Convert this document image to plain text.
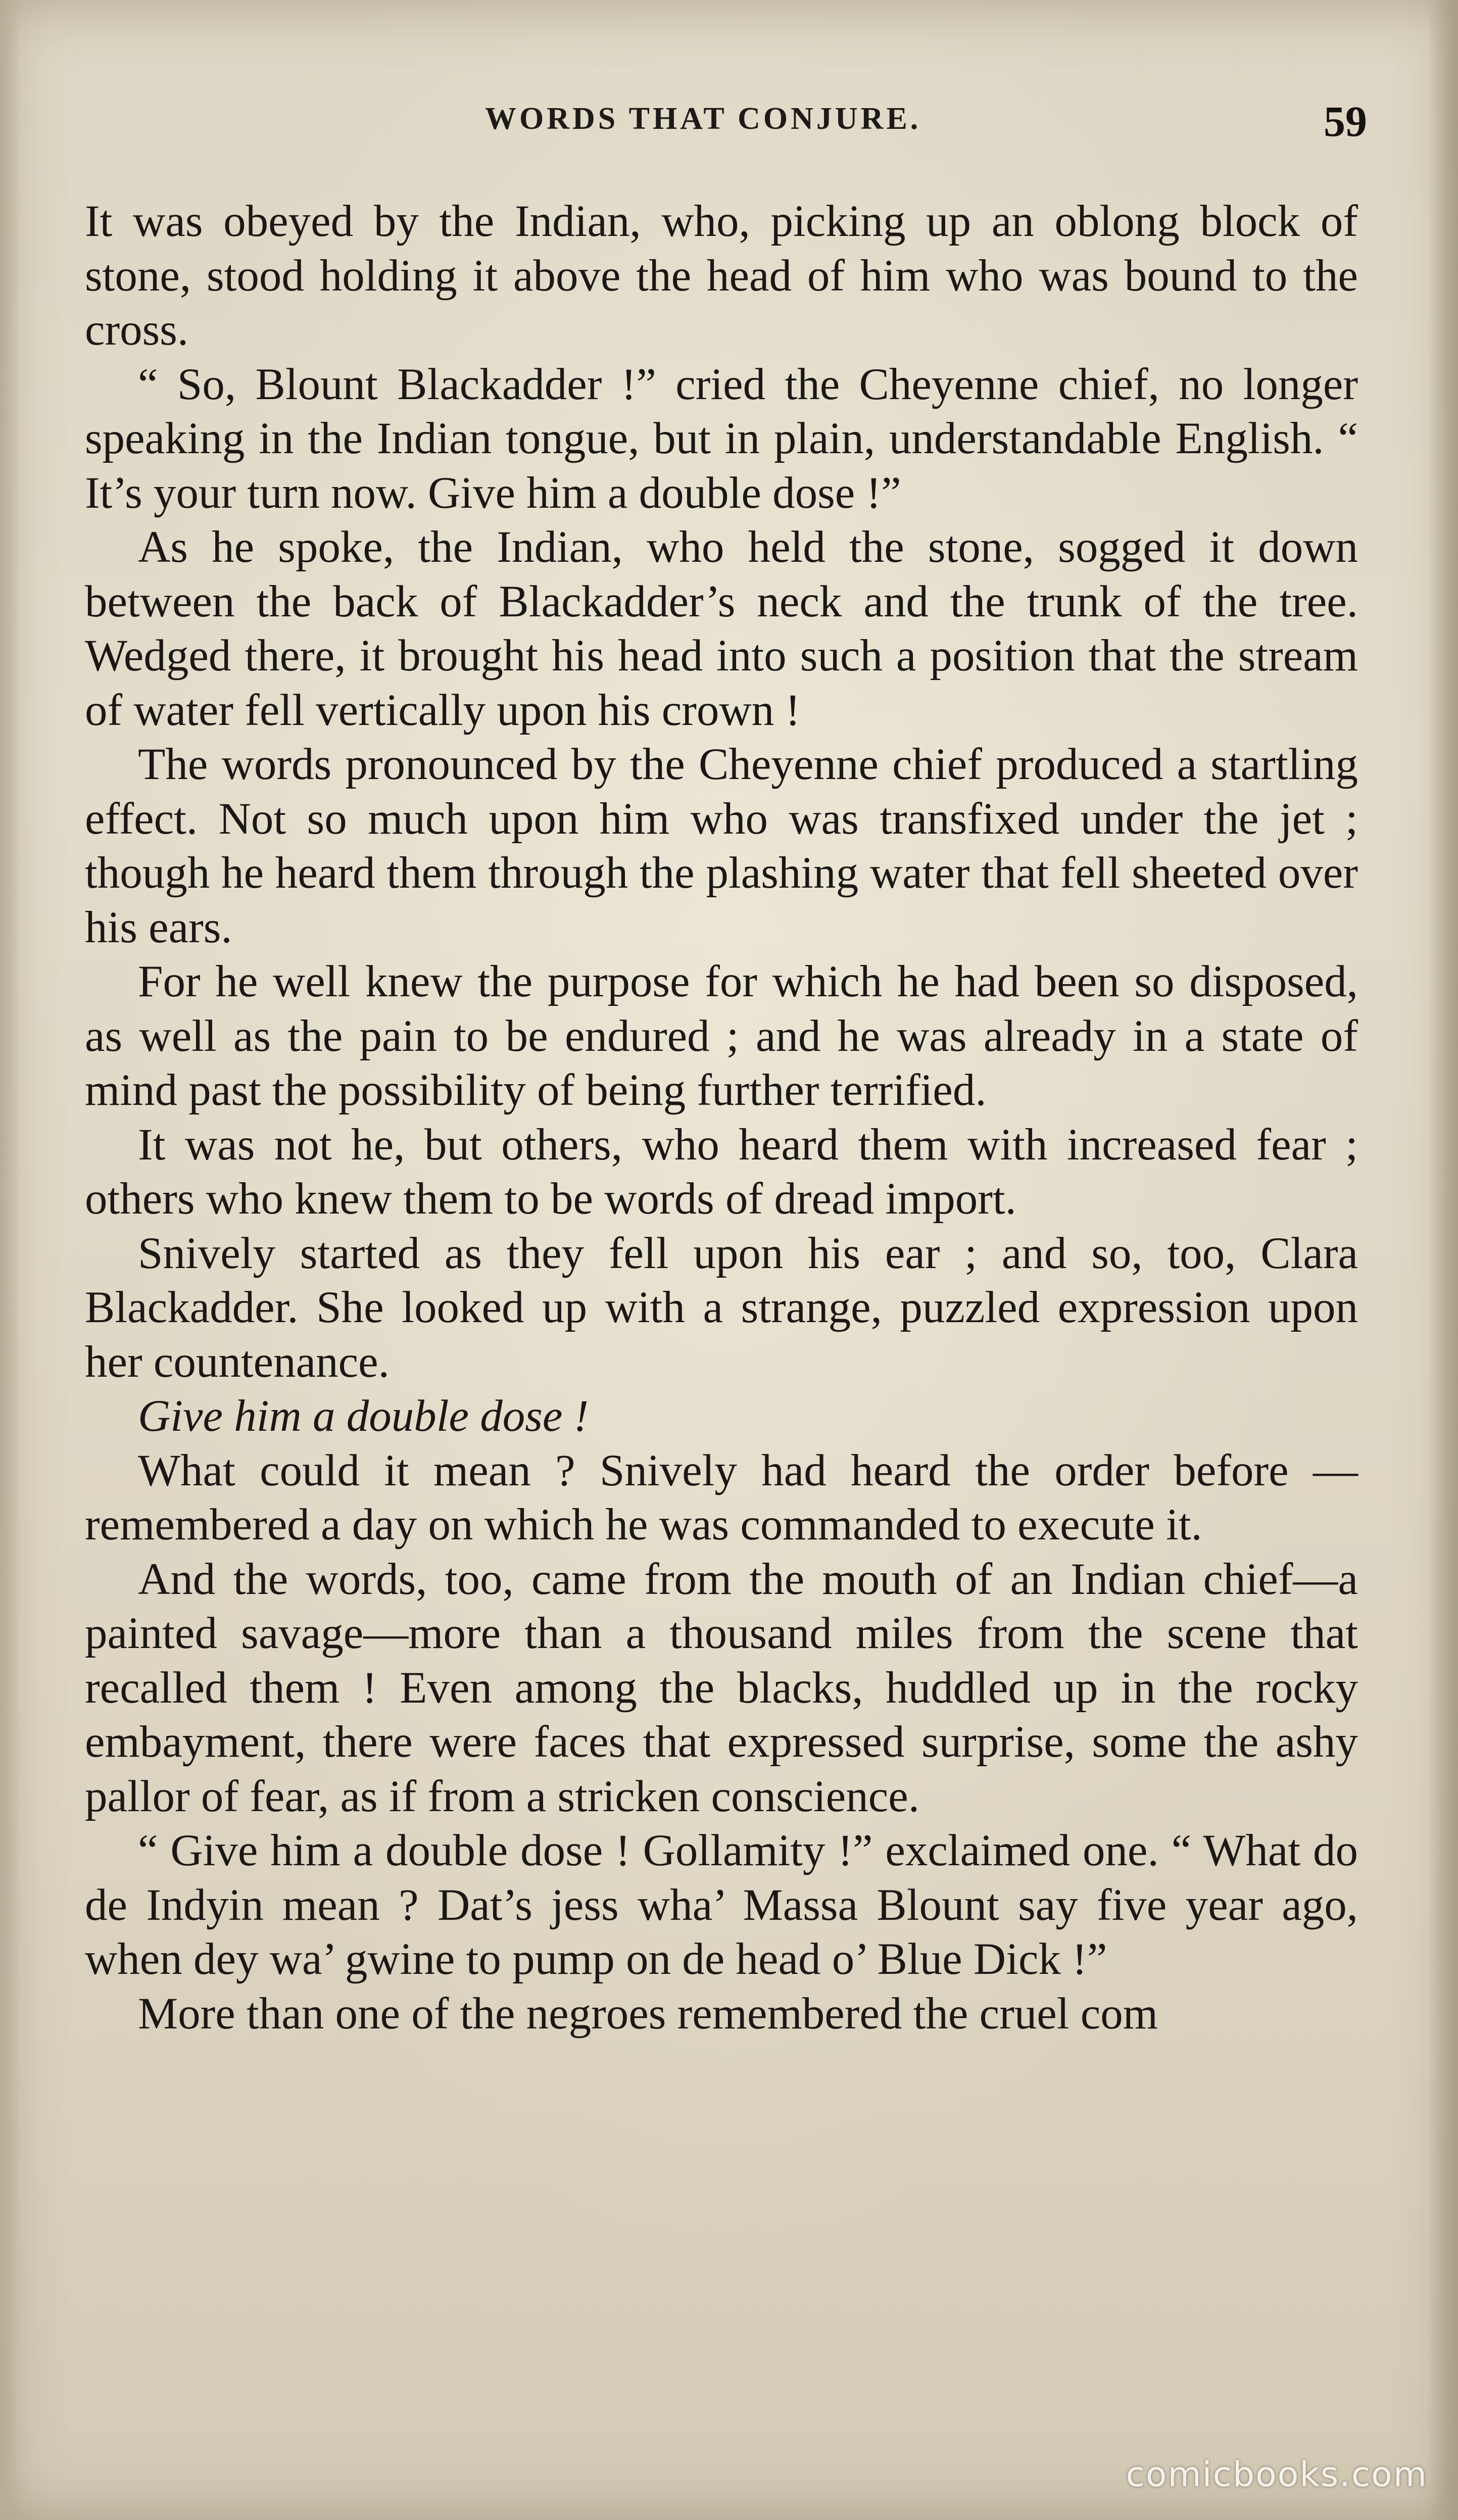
WORDS THAT CONJURE.	59

It was obeyed by the Indian, who, picking up an oblong block of stone, stood holding it above the head of him who was bound to the cross.

“ So, Blount Blackadder !” cried the Cheyenne chief, no longer speaking in the Indian tongue, but in plain, understandable English. “ It’s your turn now. Give him a double dose !”

As he spoke, the Indian, who held the stone, sogged it down between the back of Blackadder’s neck and the trunk of the tree. Wedged there, it brought his head into such a position that the stream of water fell vertically upon his crown !

The words pronounced by the Cheyenne chief produced a startling effect. Not so much upon him who was transfixed under the jet ; though he heard them through the plashing water that fell sheeted over his ears.

For he well knew the purpose for which he had been so disposed, as well as the pain to be endured ; and he was already in a state of mind past the possibility of being further terrified.

It was not he, but others, who heard them with increased fear ; others who knew them to be words of dread import.

Snively started as they fell upon his ear ; and so, too, Clara Blackadder. She looked up with a strange, puzzled expression upon her countenance.

Give him a double dose !

What could it mean ? Snively had heard the order before —remembered a day on which he was commanded to execute it.

And the words, too, came from the mouth of an Indian chief—a painted savage—more than a thousand miles from the scene that recalled them ! Even among the blacks, huddled up in the rocky embayment, there were faces that expressed surprise, some the ashy pallor of fear, as if from a stricken conscience.

“ Give him a double dose ! Gollamity !” exclaimed one. “ What do de Indyin mean ? Dat’s jess wha’ Massa Blount say five year ago, when dey wa’ gwine to pump on de head o’ Blue Dick !”

More than one of the negroes remembered the cruel com

comicbooks.com
